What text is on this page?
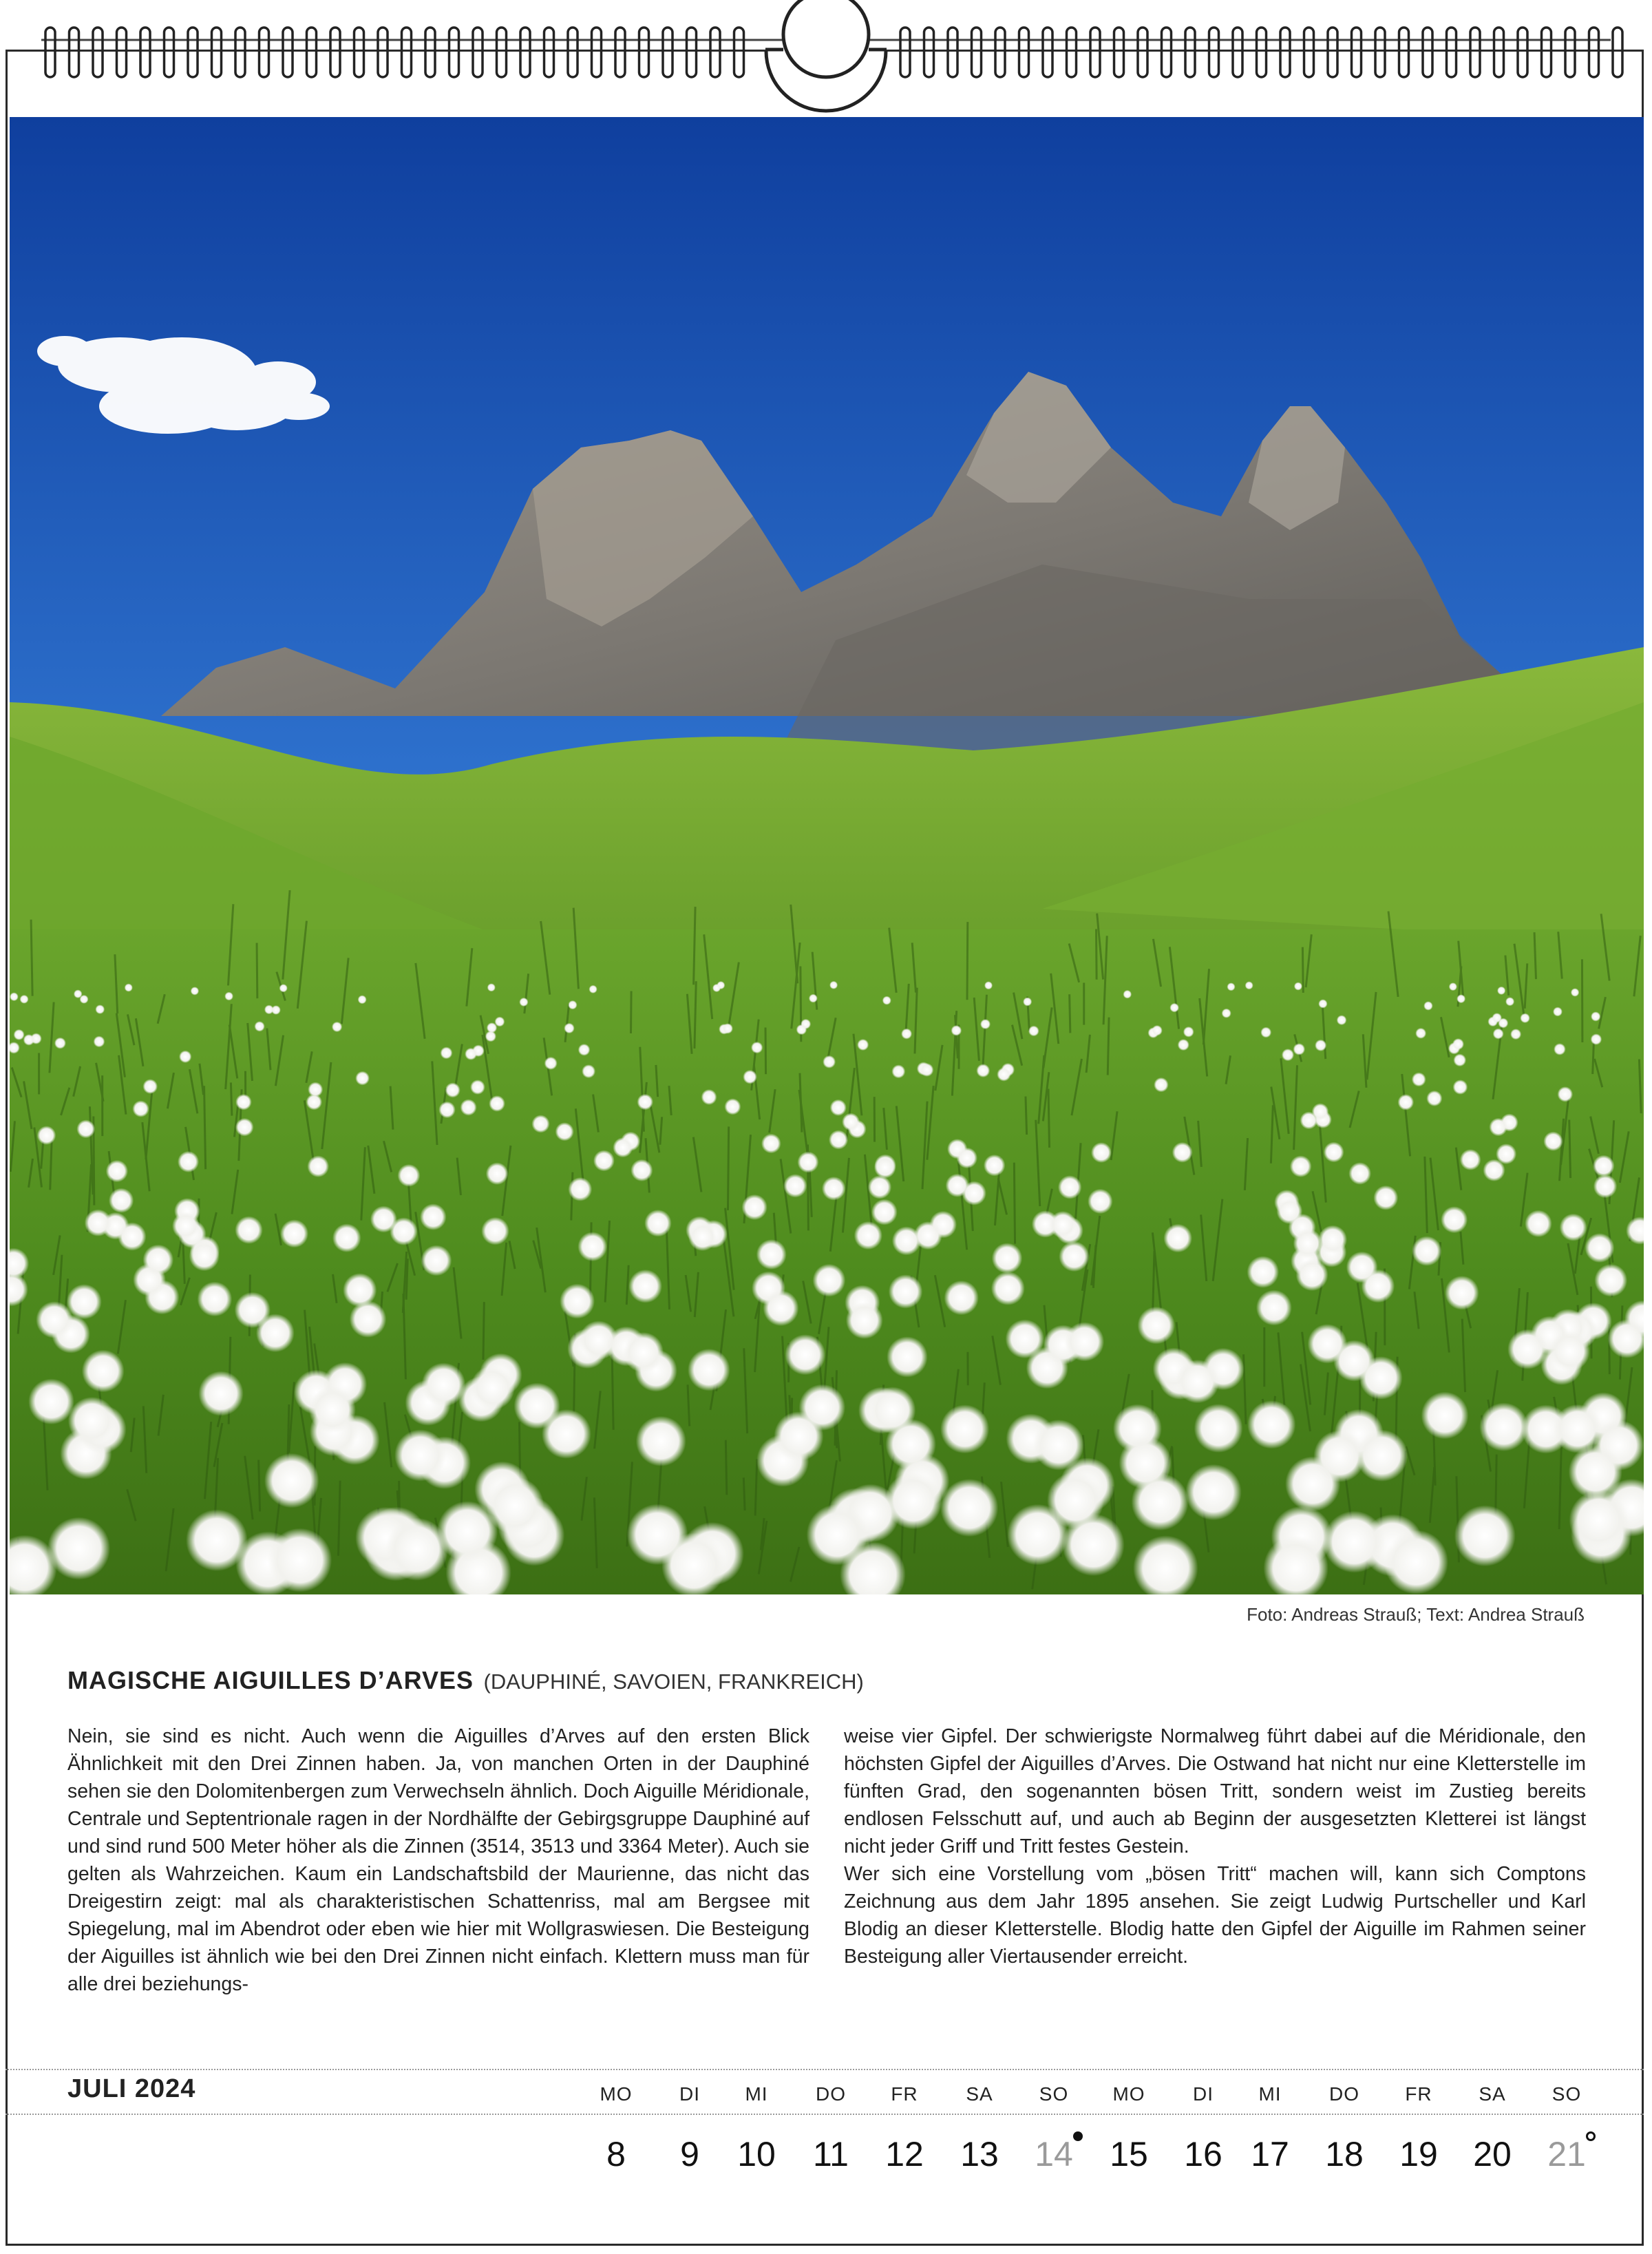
Foto: Andreas Strauß; Text: Andrea Strauß
MAGISCHE AIGUILLES D’ARVES (DAUPHINÉ, SAVOIEN, FRANKREICH)

Nein, sie sind es nicht. Auch wenn die Aiguilles d’Arves auf den ersten Blick Ähnlichkeit mit den Drei Zinnen haben. Ja, von manchen Orten in der Dauphiné sehen sie den Dolomitenbergen zum Verwechseln ähnlich. Doch Aiguille Méridionale, Centrale und Septentrionale ragen in der Nordhälfte der Gebirgsgruppe Dauphiné auf und sind rund 500 Meter höher als die Zinnen (3514, 3513 und 3364 Meter). Auch sie gelten als Wahrzeichen. Kaum ein Landschaftsbild der Maurienne, das nicht das Dreigestirn zeigt: mal als charakteristischen Schattenriss, mal am Bergsee mit Spiegelung, mal im Abendrot oder eben wie hier mit Wollgraswiesen. Die Besteigung der Aiguilles ist ähnlich wie bei den Drei Zinnen nicht einfach. Klettern muss man für alle drei beziehungs-

weise vier Gipfel. Der schwierigste Normalweg führt dabei auf die Méridionale, den höchsten Gipfel der Aiguilles d’Arves. Die Ostwand hat nicht nur eine Kletterstelle im fünften Grad, den sogenannten bösen Tritt, sondern weist im Zustieg bereits endlosen Felsschutt auf, und auch ab Beginn der ausgesetzten Kletterei ist längst nicht jeder Griff und Tritt festes Gestein.

Wer sich eine Vorstellung vom „bösen Tritt“ machen will, kann sich Comptons Zeichnung aus dem Jahr 1895 ansehen. Sie zeigt Ludwig Purtscheller und Karl Blodig an dieser Kletterstelle. Blodig hatte den Gipfel der Aiguille im Rahmen seiner Besteigung aller Viertausender erreicht.

JULI 2024	MO
8
DI
9
MI
10
DO
11
FR
12
SA
13
SO
14
MO
15
DI
16
MI
17
DO
18
FR
19
SA
20
SO
21
